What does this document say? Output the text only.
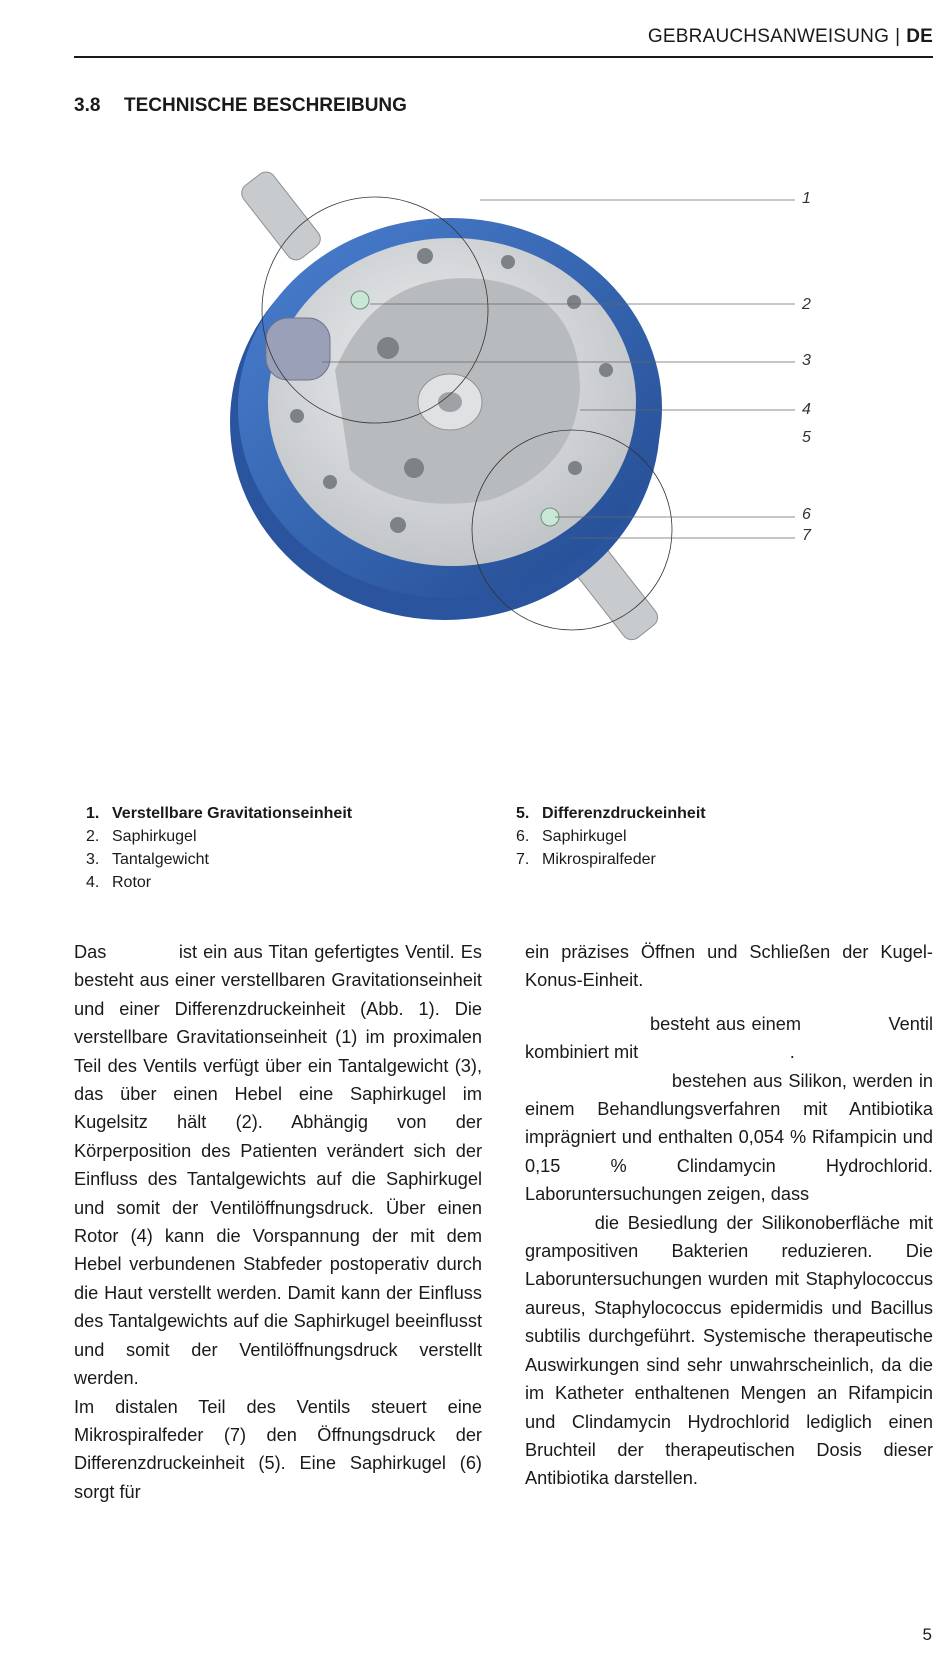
GEBRAUCHSANWEISUNG | DE
3.8 TECHNISCHE BESCHREIBUNG
1
2
3
4
5
6
7
1. Verstellbare Gravitationseinheit
2. Saphirkugel
3. Tantalgewicht
4. Rotor
5. Differenzdruckeinheit
6. Saphirkugel
7. Mikrospiralfeder

Das            ist ein aus Titan gefertigtes Ventil. Es besteht aus einer verstellbaren Gravitationseinheit und einer Differenzdruckeinheit (Abb. 1). Die verstellbare Gravitationseinheit (1) im proximalen Teil des Ventils verfügt über ein Tantalgewicht (3), das über einen Hebel eine Saphirkugel im Kugelsitz hält (2). Abhängig von der Körperposition des Patienten verändert sich der Einfluss des Tantalgewichts auf die Saphirkugel und somit der Ventilöffnungsdruck. Über einen Rotor (4) kann die Vorspannung der mit dem Hebel verbundenen Stabfeder postoperativ durch die Haut verstellt werden. Damit kann der Einfluss des Tantalgewichts auf die Saphirkugel beeinflusst und somit der Ventilöffnungsdruck verstellt werden.

Im distalen Teil des Ventils steuert eine Mikrospiralfeder (7) den Öffnungsdruck der Differenzdruckeinheit (5). Eine Saphirkugel (6) sorgt für

ein präzises Öffnen und Schließen der Kugel-Konus-Einheit.

besteht aus einem              Ventil kombiniert mit                              .

bestehen aus Silikon, werden in einem Behandlungsverfahren mit Antibiotika imprägniert und enthalten 0,054 % Rifampicin und 0,15 % Clindamycin Hydrochlorid. Laboruntersuchungen zeigen, dass

die Besiedlung der Silikonoberfläche mit grampositiven Bakterien reduzieren. Die Laboruntersuchungen wurden mit Staphylococcus aureus, Staphylococcus epidermidis und Bacillus subtilis durchgeführt. Systemische therapeutische Auswirkungen sind sehr unwahrscheinlich, da die im Katheter enthaltenen Mengen an Rifampicin und Clindamycin Hydrochlorid lediglich einen Bruchteil der therapeutischen Dosis dieser Antibiotika darstellen.

5
